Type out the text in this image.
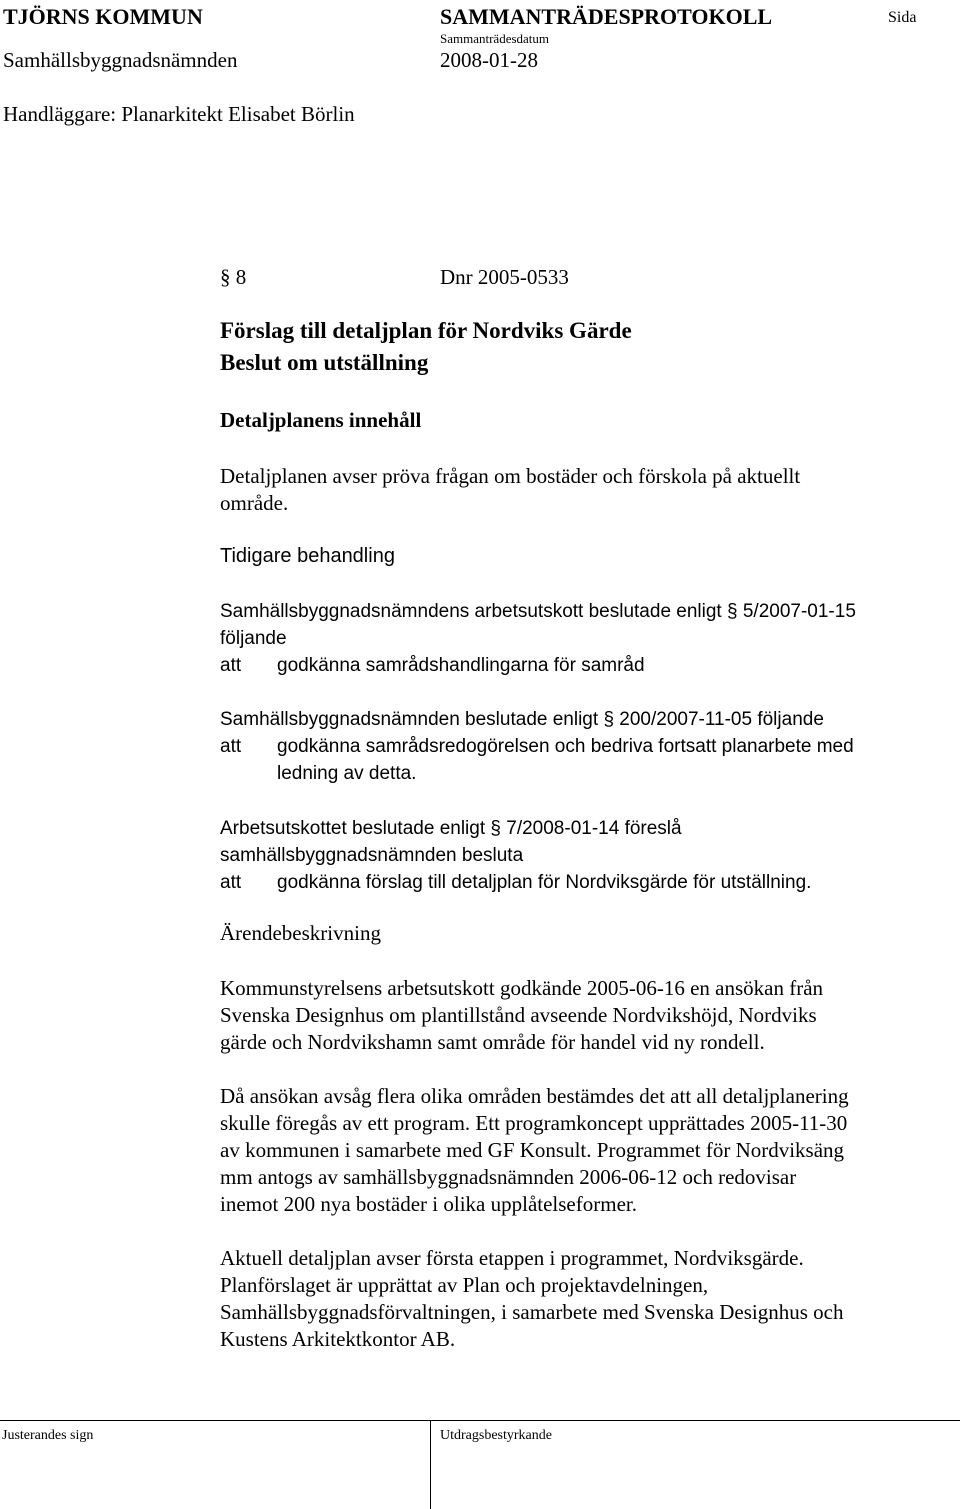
TJÖRNS KOMMUN	SAMMANTRÄDESPROTOKOLL	Sida
Sammanträdesdatum
Samhällsbyggnadsnämnden	2008-01-28
Handläggare: Planarkitekt Elisabet Börlin
§ 8	Dnr 2005-0533
Förslag till detaljplan för Nordviks Gärde
Beslut om utställning
Detaljplanens innehåll
Detaljplanen avser pröva frågan om bostäder och förskola på aktuellt
område.
Tidigare behandling
Samhällsbyggnadsnämndens arbetsutskott beslutade enligt § 5/2007-01-15
följande
att	godkänna samrådshandlingarna för samråd
Samhällsbyggnadsnämnden beslutade enligt § 200/2007-11-05 följande
att	godkänna samrådsredogörelsen och bedriva fortsatt planarbete med
ledning av detta.
Arbetsutskottet beslutade enligt § 7/2008-01-14 föreslå
samhällsbyggnadsnämnden besluta
att	godkänna förslag till detaljplan för Nordviksgärde för utställning.
Ärendebeskrivning
Kommunstyrelsens arbetsutskott godkände 2005-06-16 en ansökan från
Svenska Designhus om plantillstånd avseende Nordvikshöjd, Nordviks
gärde och Nordvikshamn samt område för handel vid ny rondell.
Då ansökan avsåg flera olika områden bestämdes det att all detaljplanering
skulle föregås av ett program. Ett programkoncept upprättades 2005-11-30
av kommunen i samarbete med GF Konsult. Programmet för Nordviksäng
mm antogs av samhällsbyggnadsnämnden 2006-06-12 och redovisar
inemot 200 nya bostäder i olika upplåtelseformer.
Aktuell detaljplan avser första etappen i programmet, Nordviksgärde.
Planförslaget är upprättat av Plan och projektavdelningen,
Samhällsbyggnadsförvaltningen, i samarbete med Svenska Designhus och
Kustens Arkitektkontor AB.
Justerandes sign	Utdragsbestyrkande
